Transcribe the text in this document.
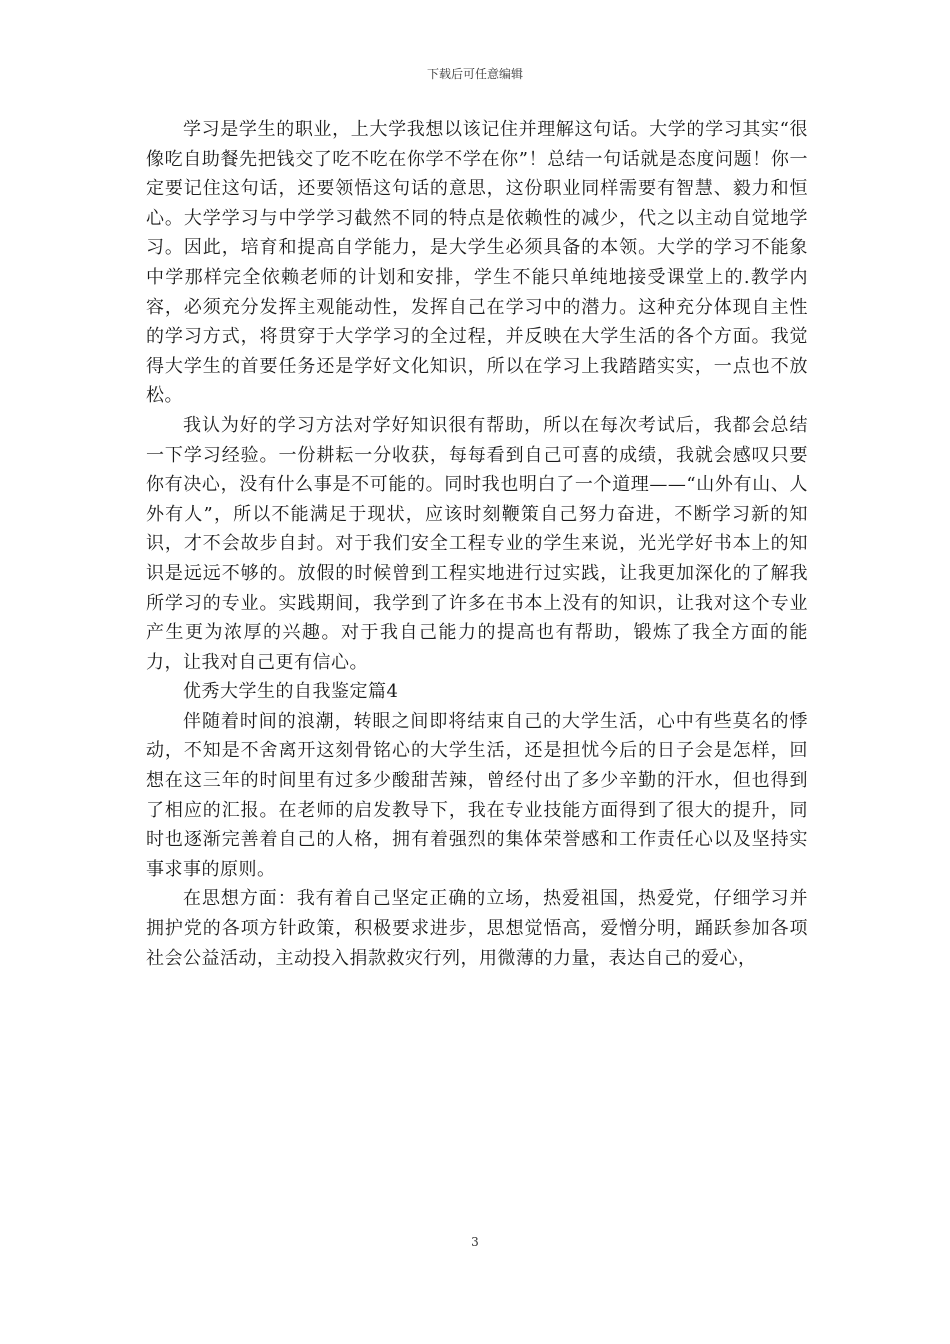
下载后可任意编辑

学习是学生的职业，上大学我想以该记住并理解这句话。大学的学习其实“很像吃自助餐先把钱交了吃不吃在你学不学在你”！总结一句话就是态度问题！你一定要记住这句话，还要领悟这句话的意思，这份职业同样需要有智慧、毅力和恒心。大学学习与中学学习截然不同的特点是依赖性的减少，代之以主动自觉地学习。因此，培育和提高自学能力，是大学生必须具备的本领。大学的学习不能象中学那样完全依赖老师的计划和安排，学生不能只单纯地接受课堂上的.教学内容，必须充分发挥主观能动性，发挥自己在学习中的潜力。这种充分体现自主性的学习方式，将贯穿于大学学习的全过程，并反映在大学生活的各个方面。我觉得大学生的首要任务还是学好文化知识，所以在学习上我踏踏实实，一点也不放松。

我认为好的学习方法对学好知识很有帮助，所以在每次考试后，我都会总结一下学习经验。一份耕耘一分收获，每每看到自己可喜的成绩，我就会感叹只要你有决心，没有什么事是不可能的。同时我也明白了一个道理——“山外有山、人外有人”，所以不能满足于现状，应该时刻鞭策自己努力奋进，不断学习新的知识，才不会故步自封。对于我们安全工程专业的学生来说，光光学好书本上的知识是远远不够的。放假的时候曾到工程实地进行过实践，让我更加深化的了解我所学习的专业。实践期间，我学到了许多在书本上没有的知识，让我对这个专业产生更为浓厚的兴趣。对于我自己能力的提高也有帮助，锻炼了我全方面的能力，让我对自己更有信心。

优秀大学生的自我鉴定篇4

伴随着时间的浪潮，转眼之间即将结束自己的大学生活，心中有些莫名的悸动，不知是不舍离开这刻骨铭心的大学生活，还是担忧今后的日子会是怎样，回想在这三年的时间里有过多少酸甜苦辣，曾经付出了多少辛勤的汗水，但也得到了相应的汇报。在老师的启发教导下，我在专业技能方面得到了很大的提升，同时也逐渐完善着自己的人格，拥有着强烈的集体荣誉感和工作责任心以及坚持实事求事的原则。

在思想方面：我有着自己坚定正确的立场，热爱祖国，热爱党，仔细学习并拥护党的各项方针政策，积极要求进步，思想觉悟高，爱憎分明，踊跃参加各项社会公益活动，主动投入捐款救灾行列，用微薄的力量，表达自己的爱心，

3
